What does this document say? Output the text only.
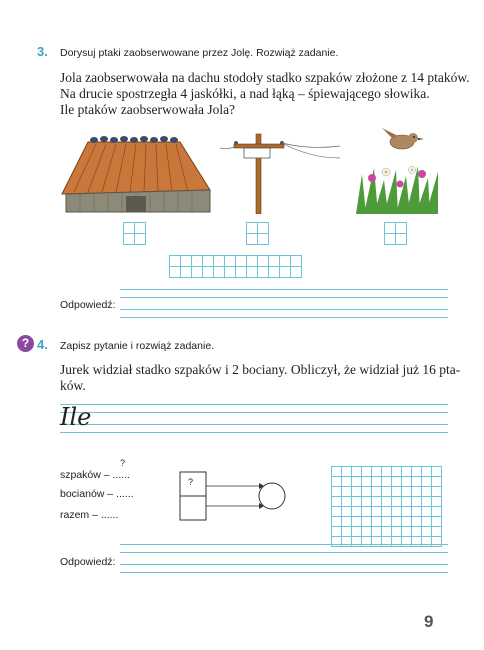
3. Dorysuj ptaki zaobserwowane przez Jolę. Rozwiąż zadanie.
Jola zaobserwowała na dachu stodoły stadko szpaków złożone z 14 ptaków.
Na drucie spostrzegła 4 jaskółki, a nad łąką – śpiewającego słowika.
Ile ptaków zaobserwowała Jola?
Odpowiedź:
? 4. Zapisz pytanie i rozwiąż zadanie.
Jurek widział stadko szpaków i 2 bociany. Obliczył, że widział już 16 pta-
ków.
Ile
szpaków – ......
?
bocianów – ......
razem – ......
?
Odpowiedź:
9
